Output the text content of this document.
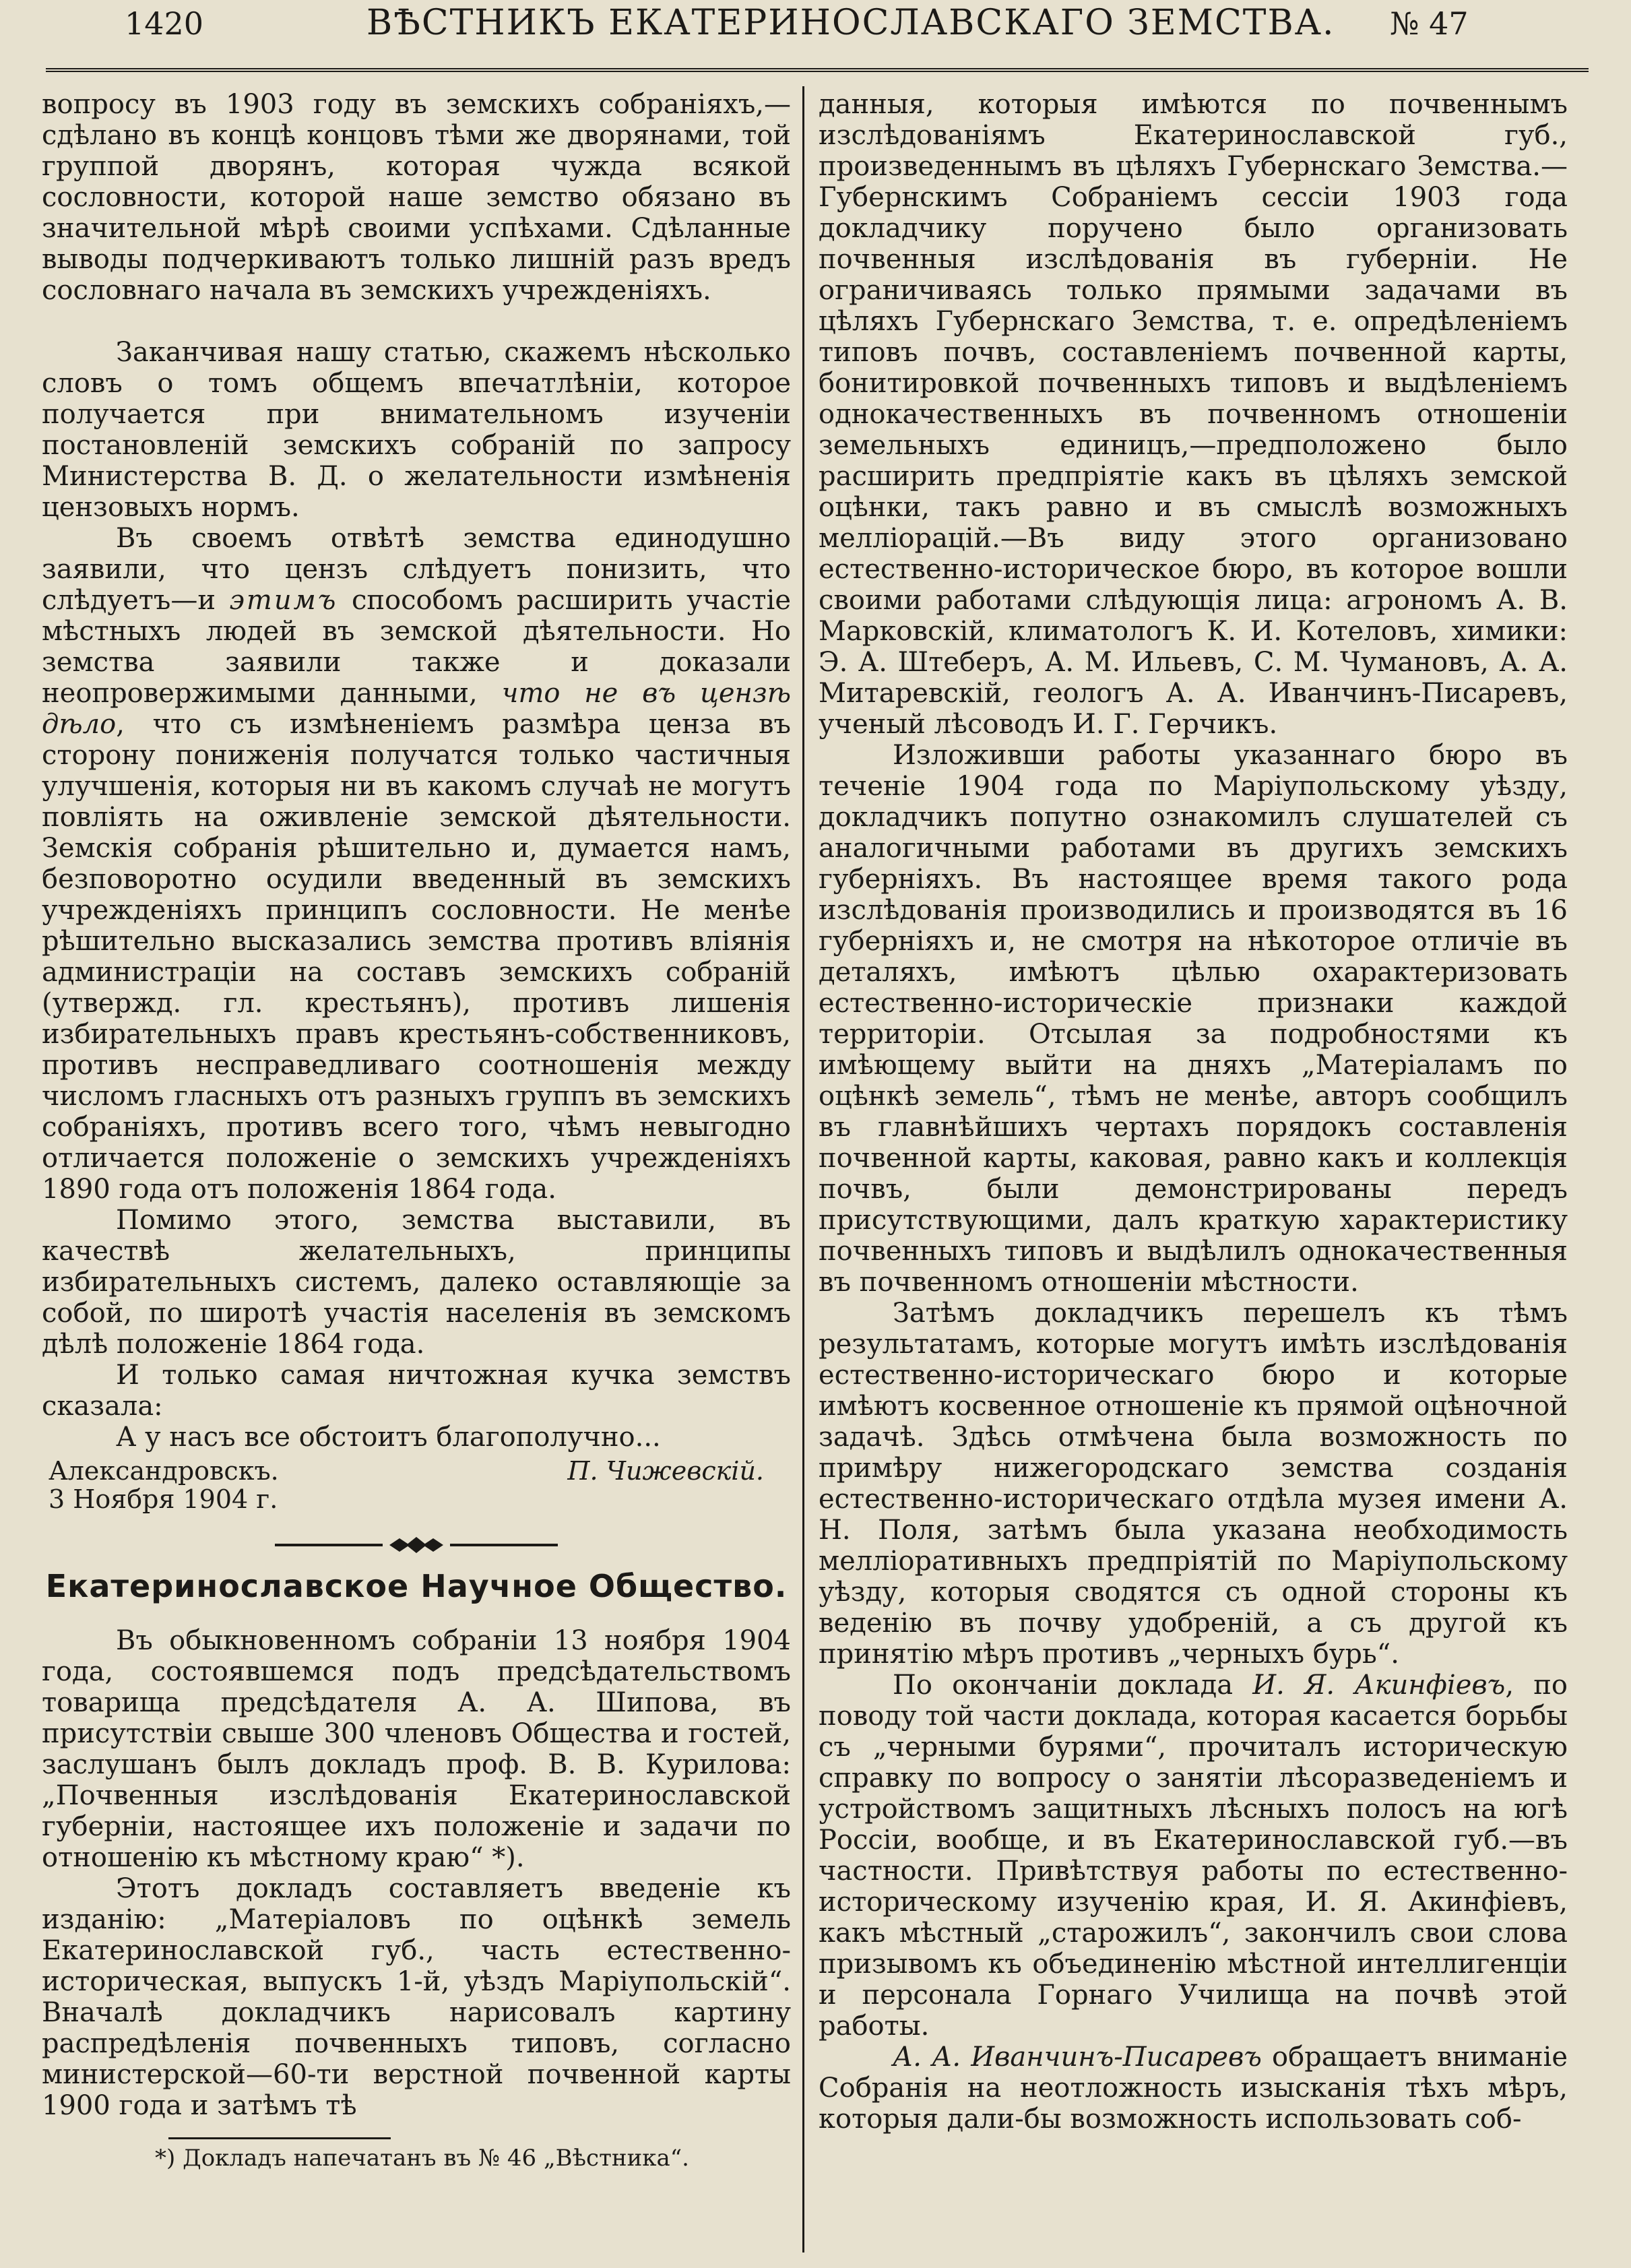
1420	ВѢСТНИКЪ ЕКАТЕРИНОСЛАВСКАГО ЗЕМСТВА. № 47

вопросу въ 1903 году въ земскихъ собраніяхъ,— сдѣлано въ концѣ концовъ тѣми же дворянами, той группой дворянъ, которая чужда всякой сословности, которой наше земство обязано въ значительной мѣрѣ своими успѣхами. Сдѣланные выводы подчеркиваютъ только лишній разъ вредъ сословнаго начала въ земскихъ учрежденіяхъ.

Заканчивая нашу статью, скажемъ нѣсколько словъ о томъ общемъ впечатлѣніи, которое получается при внимательномъ изученіи постановленій земскихъ собраній по запросу Министерства В. Д. о желательности измѣненія цензовыхъ нормъ.

Въ своемъ отвѣтѣ земства единодушно заявили, что цензъ слѣдуетъ понизить, что слѣдуетъ—и этимъ способомъ расширить участіе мѣстныхъ людей въ земской дѣятельности. Но земства заявили также и доказали неопровержимыми данными, что не въ цензѣ дѣло, что съ измѣненіемъ размѣра ценза въ сторону пониженія получатся только частичныя улучшенія, которыя ни въ какомъ случаѣ не могутъ повліять на оживленіе земской дѣятельности. Земскія собранія рѣшительно и, думается намъ, безповоротно осудили введенный въ земскихъ учрежденіяхъ принципъ сословности. Не менѣе рѣшительно высказались земства противъ вліянія администраціи на составъ земскихъ собраній (утвержд. гл. крестьянъ), противъ лишенія избирательныхъ правъ крестьянъ-собственниковъ, противъ несправедливаго соотношенія между числомъ гласныхъ отъ разныхъ группъ въ земскихъ собраніяхъ, противъ всего того, чѣмъ невыгодно отличается положеніе о земскихъ учрежденіяхъ 1890 года отъ положенія 1864 года.

Помимо этого, земства выставили, въ качествѣ желательныхъ, принципы избирательныхъ системъ, далеко оставляющіе за собой, по широтѣ участія населенія въ земскомъ дѣлѣ положеніе 1864 года.

И только самая ничтожная кучка земствъ сказала:

А у насъ все обстоитъ благополучно...

Александровскъ.	П. Чижевскій.
3 Ноября 1904 г.
Екатеринославское Научное Общество.

Въ обыкновенномъ собраніи 13 ноября 1904 года, состоявшемся подъ предсѣдательствомъ товарища предсѣдателя А. А. Шипова, въ присутствіи свыше 300 членовъ Общества и гостей, заслушанъ былъ докладъ проф. В. В. Курилова: „Почвенныя изслѣдованія Екатеринославской губерніи, настоящее ихъ положеніе и задачи по отношенію къ мѣстному краю“ *).

Этотъ докладъ составляетъ введеніе къ изданію: „Матеріаловъ по оцѣнкѣ земель Екатеринославской губ., часть естественно-историческая, выпускъ 1-й, уѣздъ Маріупольскій“. Вначалѣ докладчикъ нарисовалъ картину распредѣленія почвенныхъ типовъ, согласно министерской—60-ти верстной почвенной карты 1900 года и затѣмъ тѣ

*) Докладъ напечатанъ въ № 46 „Вѣстника“.

данныя, которыя имѣются по почвеннымъ изслѣдованіямъ Екатеринославской губ., произведеннымъ въ цѣляхъ Губернскаго Земства.—Губернскимъ Собраніемъ сессіи 1903 года докладчику поручено было организовать почвенныя изслѣдованія въ губерніи. Не ограничиваясь только прямыми задачами въ цѣляхъ Губернскаго Земства, т. е. опредѣленіемъ типовъ почвъ, составленіемъ почвенной карты, бонитировкой почвенныхъ типовъ и выдѣленіемъ однокачественныхъ въ почвенномъ отношеніи земельныхъ единицъ,—предположено было расширить предпріятіе какъ въ цѣляхъ земской оцѣнки, такъ равно и въ смыслѣ возможныхъ мелліорацій.—Въ виду этого организовано естественно-историческое бюро, въ которое вошли своими работами слѣдующія лица: агрономъ А. В. Марковскій, климатологъ К. И. Котеловъ, химики: Э. А. Штеберъ, А. М. Ильевъ, С. М. Чумановъ, А. А. Митаревскій, геологъ А. А. Иванчинъ-Писаревъ, ученый лѣсоводъ И. Г. Герчикъ.

Изложивши работы указаннаго бюро въ теченіе 1904 года по Маріупольскому уѣзду, докладчикъ попутно ознакомилъ слушателей съ аналогичными работами въ другихъ земскихъ губерніяхъ. Въ настоящее время такого рода изслѣдованія производились и производятся въ 16 губерніяхъ и, не смотря на нѣкоторое отличіе въ деталяхъ, имѣютъ цѣлью охарактеризовать естественно-историческіе признаки каждой территоріи. Отсылая за подробностями къ имѣющему выйти на дняхъ „Матеріаламъ по оцѣнкѣ земель“, тѣмъ не менѣе, авторъ сообщилъ въ главнѣйшихъ чертахъ порядокъ составленія почвенной карты, каковая, равно какъ и коллекція почвъ, были демонстрированы передъ присутствующими, далъ краткую характеристику почвенныхъ типовъ и выдѣлилъ однокачественныя въ почвенномъ отношеніи мѣстности.

Затѣмъ докладчикъ перешелъ къ тѣмъ результатамъ, которые могутъ имѣть изслѣдованія естественно-историческаго бюро и которые имѣютъ косвенное отношеніе къ прямой оцѣночной задачѣ. Здѣсь отмѣчена была возможность по примѣру нижегородскаго земства созданія естественно-историческаго отдѣла музея имени А. Н. Поля, затѣмъ была указана необходимость мелліоративныхъ предпріятій по Маріупольскому уѣзду, которыя сводятся съ одной стороны къ веденію въ почву удобреній, а съ другой къ принятію мѣръ противъ „черныхъ бурь“.

По окончаніи доклада И. Я. Акинфіевъ, по поводу той части доклада, которая касается борьбы съ „черными бурями“, прочиталъ историческую справку по вопросу о занятіи лѣсоразведеніемъ и устройствомъ защитныхъ лѣсныхъ полосъ на югѣ Россіи, вообще, и въ Екатеринославской губ.—въ частности. Привѣтствуя работы по естественно-историческому изученію края, И. Я. Акинфіевъ, какъ мѣстный „старожилъ“, закончилъ свои слова призывомъ къ объединенію мѣстной интеллигенціи и персонала Горнаго Училища на почвѣ этой работы.

А. А. Иванчинъ-Писаревъ обращаетъ вниманіе Собранія на неотложность изысканія тѣхъ мѣръ, которыя дали-бы возможность использовать соб-
